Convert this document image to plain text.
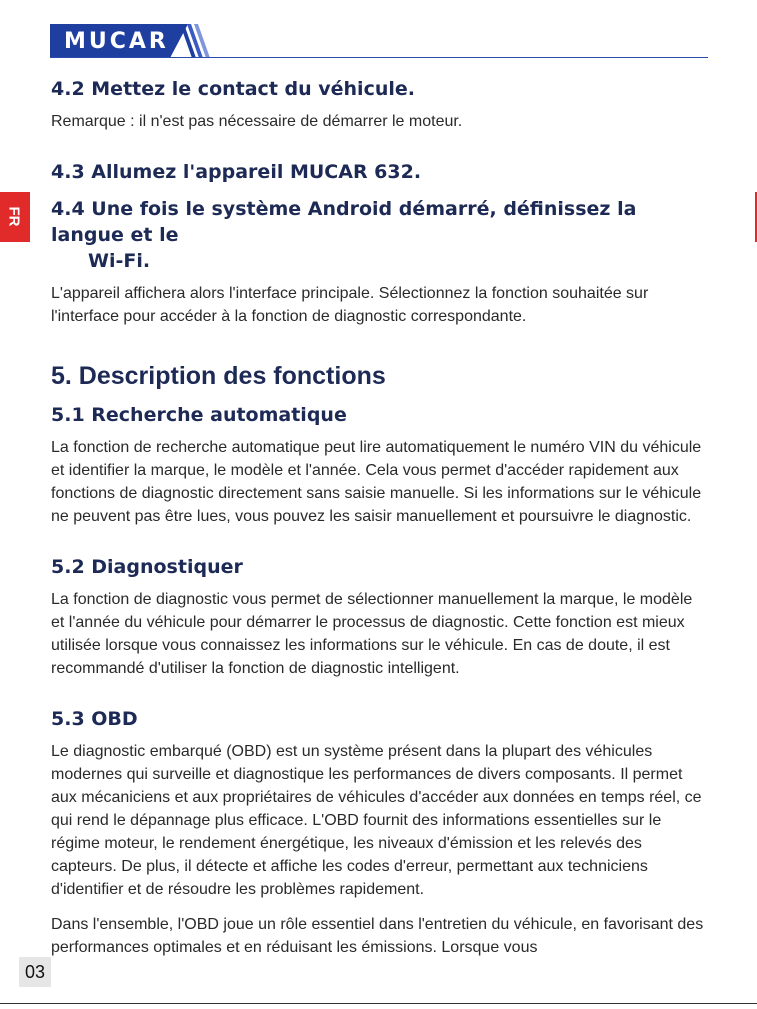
MUCAR
FR
4.2 Mettez le contact du véhicule.

Remarque : il n'est pas nécessaire de démarrer le moteur.

4.3 Allumez l'appareil MUCAR 632.
4.4 Une fois le système Android démarré, définissez la langue et le
Wi-Fi.

L'appareil affichera alors l'interface principale. Sélectionnez la fonction souhaitée sur l'interface pour accéder à la fonction de diagnostic correspondante.

5. Description des fonctions
5.1 Recherche automatique

La fonction de recherche automatique peut lire automatiquement le numéro VIN du véhicule et identifier la marque, le modèle et l'année. Cela vous permet d'accéder rapidement aux fonctions de diagnostic directement sans saisie manuelle. Si les informations sur le véhicule ne peuvent pas être lues, vous pouvez les saisir manuellement et poursuivre le diagnostic.

5.2 Diagnostiquer

La fonction de diagnostic vous permet de sélectionner manuellement la marque, le modèle et l'année du véhicule pour démarrer le processus de diagnostic. Cette fonction est mieux utilisée lorsque vous connaissez les informations sur le véhicule. En cas de doute, il est recommandé d'utiliser la fonction de diagnostic intelligent.

5.3 OBD

Le diagnostic embarqué (OBD) est un système présent dans la plupart des véhicules modernes qui surveille et diagnostique les performances de divers composants. Il permet aux mécaniciens et aux propriétaires de véhicules d'accéder aux données en temps réel, ce qui rend le dépannage plus efficace. L'OBD fournit des informations essentielles sur le régime moteur, le rendement énergétique, les niveaux d'émission et les relevés des capteurs. De plus, il détecte et affiche les codes d'erreur, permettant aux techniciens d'identifier et de résoudre les problèmes rapidement.

Dans l'ensemble, l'OBD joue un rôle essentiel dans l'entretien du véhicule, en favorisant des performances optimales et en réduisant les émissions. Lorsque vous

03
